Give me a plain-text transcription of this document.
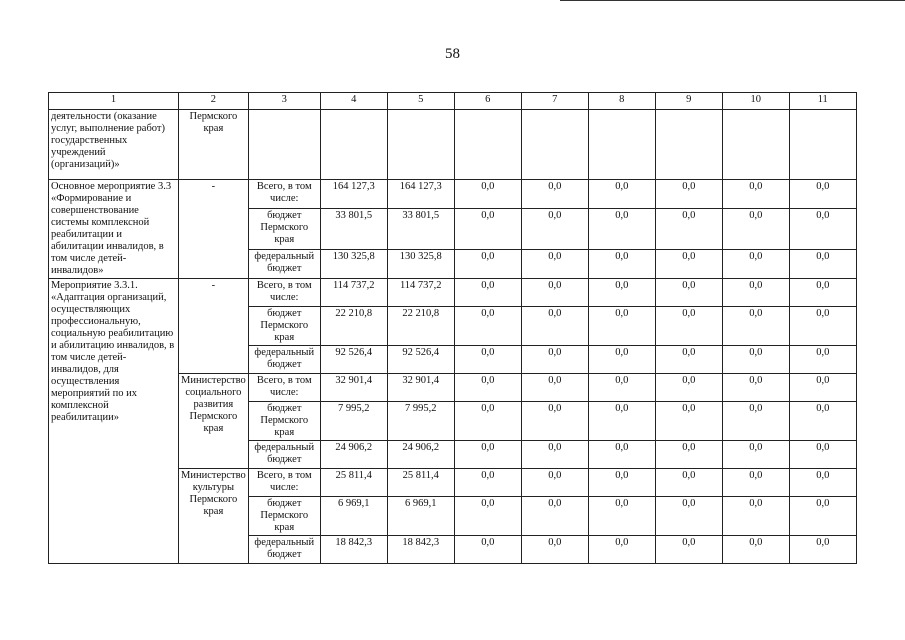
58
1	2	3	4	5	6	7	8	9	10	11
деятельности (оказание услуг, выполнение работ) государственных учреждений (организаций)»	Пермского края									
Основное мероприятие 3.3 «Формирование и совершенствование системы комплексной реабилитации и абилитации инвалидов, в том числе детей-инвалидов»	-	Всего, в том числе:	164 127,3	164 127,3	0,0	0,0	0,0	0,0	0,0	0,0
		бюджет Пермского края	33 801,5	33 801,5	0,0	0,0	0,0	0,0	0,0	0,0
		федеральный бюджет	130 325,8	130 325,8	0,0	0,0	0,0	0,0	0,0	0,0
Мероприятие 3.3.1. «Адаптация организаций, осуществляющих профессиональную, социальную реабилитацию и абилитацию инвалидов, в том числе детей-инвалидов, для осуществления мероприятий по их комплексной реабилитации»	-	Всего, в том числе:	114 737,2	114 737,2	0,0	0,0	0,0	0,0	0,0	0,0
		бюджет Пермского края	22 210,8	22 210,8	0,0	0,0	0,0	0,0	0,0	0,0
		федеральный бюджет	92 526,4	92 526,4	0,0	0,0	0,0	0,0	0,0	0,0
	Министерство социального развития Пермского края	Всего, в том числе:	32 901,4	32 901,4	0,0	0,0	0,0	0,0	0,0	0,0
		бюджет Пермского края	7 995,2	7 995,2	0,0	0,0	0,0	0,0	0,0	0,0
		федеральный бюджет	24 906,2	24 906,2	0,0	0,0	0,0	0,0	0,0	0,0
	Министерство культуры Пермского края	Всего, в том числе:	25 811,4	25 811,4	0,0	0,0	0,0	0,0	0,0	0,0
		бюджет Пермского края	6 969,1	6 969,1	0,0	0,0	0,0	0,0	0,0	0,0
		федеральный бюджет	18 842,3	18 842,3	0,0	0,0	0,0	0,0	0,0	0,0
